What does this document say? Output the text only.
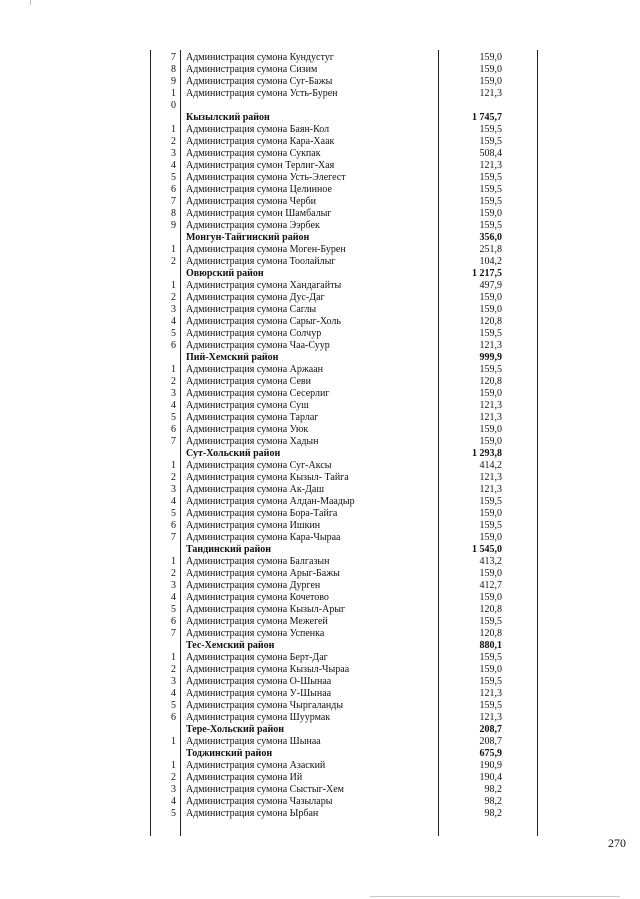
7 Администрация сумона Кундустуг	159,0
8 Администрация сумона Сизим	159,0
9 Администрация сумона Суг-Бажы	159,0
1 Администрация сумона Усть-Бурен	121,3
0
Кызылский район	1 745,7
1 Администрация сумона Баян-Кол	159,5
2 Администрация сумона Кара-Хаак	159,5
3 Администрация сумона Сукпак	508,4
4 Администрация сумон Терлиг-Хая	121,3
5 Администрация сумона Усть-Элегест	159,5
6 Администрация сумона Целинное	159,5
7 Администрация сумона Черби	159,5
8 Администрация сумон Шамбалыг	159,0
9 Администрация сумона Ээрбек	159,5
Монгун-Тайгинский район	356,0
1 Администрация сумона Моген-Бурен	251,8
2 Администрация сумона Тоолайлыг	104,2
Овюрский район	1 217,5
1 Администрация сумона Хандагайты	497,9
2 Администрация сумона Дус-Даг	159,0
3 Администрация сумона Саглы	159,0
4 Администрация сумона Сарыг-Холь	120,8
5 Администрация сумона Солчур	159,5
6 Администрация сумона Чаа-Суур	121,3
Пий-Хемский район	999,9
1 Администрация сумона Аржаан	159,5
2 Администрация сумона Севи	120,8
3 Администрация сумона Сесерлиг	159,0
4 Администрация сумона Суш	121,3
5 Администрация сумона Тарлаг	121,3
6 Администрация сумона Уюк	159,0
7 Администрация сумона Хадын	159,0
Сут-Хольский район	1 293,8
1 Администрация сумона Суг-Аксы	414,2
2 Администрация сумона Кызыл- Тайга	121,3
3 Администрация сумона Ак-Даш	121,3
4 Администрация сумона Алдан-Маадыр	159,5
5 Администрация сумона Бора-Тайга	159,0
6 Администрация сумона Ишкин	159,5
7 Администрация сумона Кара-Чыраа	159,0
Тандинский район	1 545,0
1 Администрация сумона Балгазын	413,2
2 Администрация сумона Арыг-Бажы	159,0
3 Администрация сумона Дурген	412,7
4 Администрация сумона Кочетово	159,0
5 Администрация сумона Кызыл-Арыг	120,8
6 Администрация сумона Межегей	159,5
7 Администрация сумона Успенка	120,8
Тес-Хемский район	880,1
1 Администрация сумона Берт-Даг	159,5
2 Администрация сумона Кызыл-Чыраа	159,0
3 Администрация сумона О-Шынаа	159,5
4 Администрация сумона У-Шынаа	121,3
5 Администрация сумона Чыргаланды	159,5
6 Администрация сумона Шуурмак	121,3
Тере-Хольский район	208,7
1 Администрация сумона Шынаа	208,7
Тоджинский район	675,9
1 Администрация сумона Азаский	190,9
2 Администрация сумона Ий	190,4
3 Администрация сумона Сыстыг-Хем	98,2
4 Администрация сумона Чазылары	98,2
5 Администрация сумона Ырбан	98,2
270
